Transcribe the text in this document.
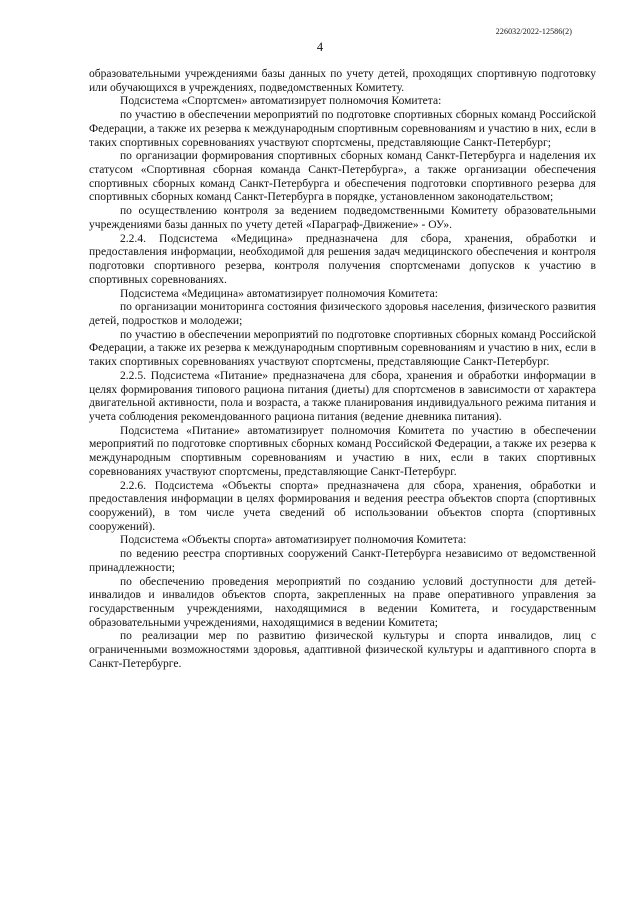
226032/2022-12586(2)
4

образовательными учреждениями базы данных по учету детей, проходящих спортивную подготовку или обучающихся в учреждениях, подведомственных Комитету.

Подсистема «Спортсмен» автоматизирует полномочия Комитета:

по участию в обеспечении мероприятий по подготовке спортивных сборных команд Российской Федерации, а также их резерва к международным спортивным соревнованиям и участию в них, если в таких спортивных соревнованиях участвуют спортсмены, представляющие Санкт-Петербург;

по организации формирования спортивных сборных команд Санкт-Петербурга и наделения их статусом «Спортивная сборная команда Санкт-Петербурга», а также организации обеспечения спортивных сборных команд Санкт-Петербурга и обеспечения подготовки спортивного резерва для спортивных сборных команд Санкт-Петербурга в порядке, установленном законодательством;

по осуществлению контроля за ведением подведомственными Комитету образовательными учреждениями базы данных по учету детей «Параграф-Движение» - ОУ».

2.2.4. Подсистема «Медицина» предназначена для сбора, хранения, обработки и предоставления информации, необходимой для решения задач медицинского обеспечения и контроля подготовки спортивного резерва, контроля получения спортсменами допусков к участию в спортивных соревнованиях.

Подсистема «Медицина» автоматизирует полномочия Комитета:

по организации мониторинга состояния физического здоровья населения, физического развития детей, подростков и молодежи;

по участию в обеспечении мероприятий по подготовке спортивных сборных команд Российской Федерации, а также их резерва к международным спортивным соревнованиям и участию в них, если в таких спортивных соревнованиях участвуют спортсмены, представляющие Санкт-Петербург.

2.2.5. Подсистема «Питание» предназначена для сбора, хранения и обработки информации в целях формирования типового рациона питания (диеты) для спортсменов в зависимости от характера двигательной активности, пола и возраста, а также планирования индивидуального режима питания и учета соблюдения рекомендованного рациона питания (ведение дневника питания).

Подсистема «Питание» автоматизирует полномочия Комитета по участию в обеспечении мероприятий по подготовке спортивных сборных команд Российской Федерации, а также их резерва к международным спортивным соревнованиям и участию в них, если в таких спортивных соревнованиях участвуют спортсмены, представляющие Санкт-Петербург.

2.2.6. Подсистема «Объекты спорта» предназначена для сбора, хранения, обработки и предоставления информации в целях формирования и ведения реестра объектов спорта (спортивных сооружений), в том числе учета сведений об использовании объектов спорта (спортивных сооружений).

Подсистема «Объекты спорта» автоматизирует полномочия Комитета:

по ведению реестра спортивных сооружений Санкт-Петербурга независимо от ведомственной принадлежности;

по обеспечению проведения мероприятий по созданию условий доступности для детей-инвалидов и инвалидов объектов спорта, закрепленных на праве оперативного управления за государственным учреждениями, находящимися в ведении Комитета, и государственным образовательными учреждениями, находящимися в ведении Комитета;

по реализации мер по развитию физической культуры и спорта инвалидов, лиц с ограниченными возможностями здоровья, адаптивной физической культуры и адаптивного спорта в Санкт-Петербурге.
